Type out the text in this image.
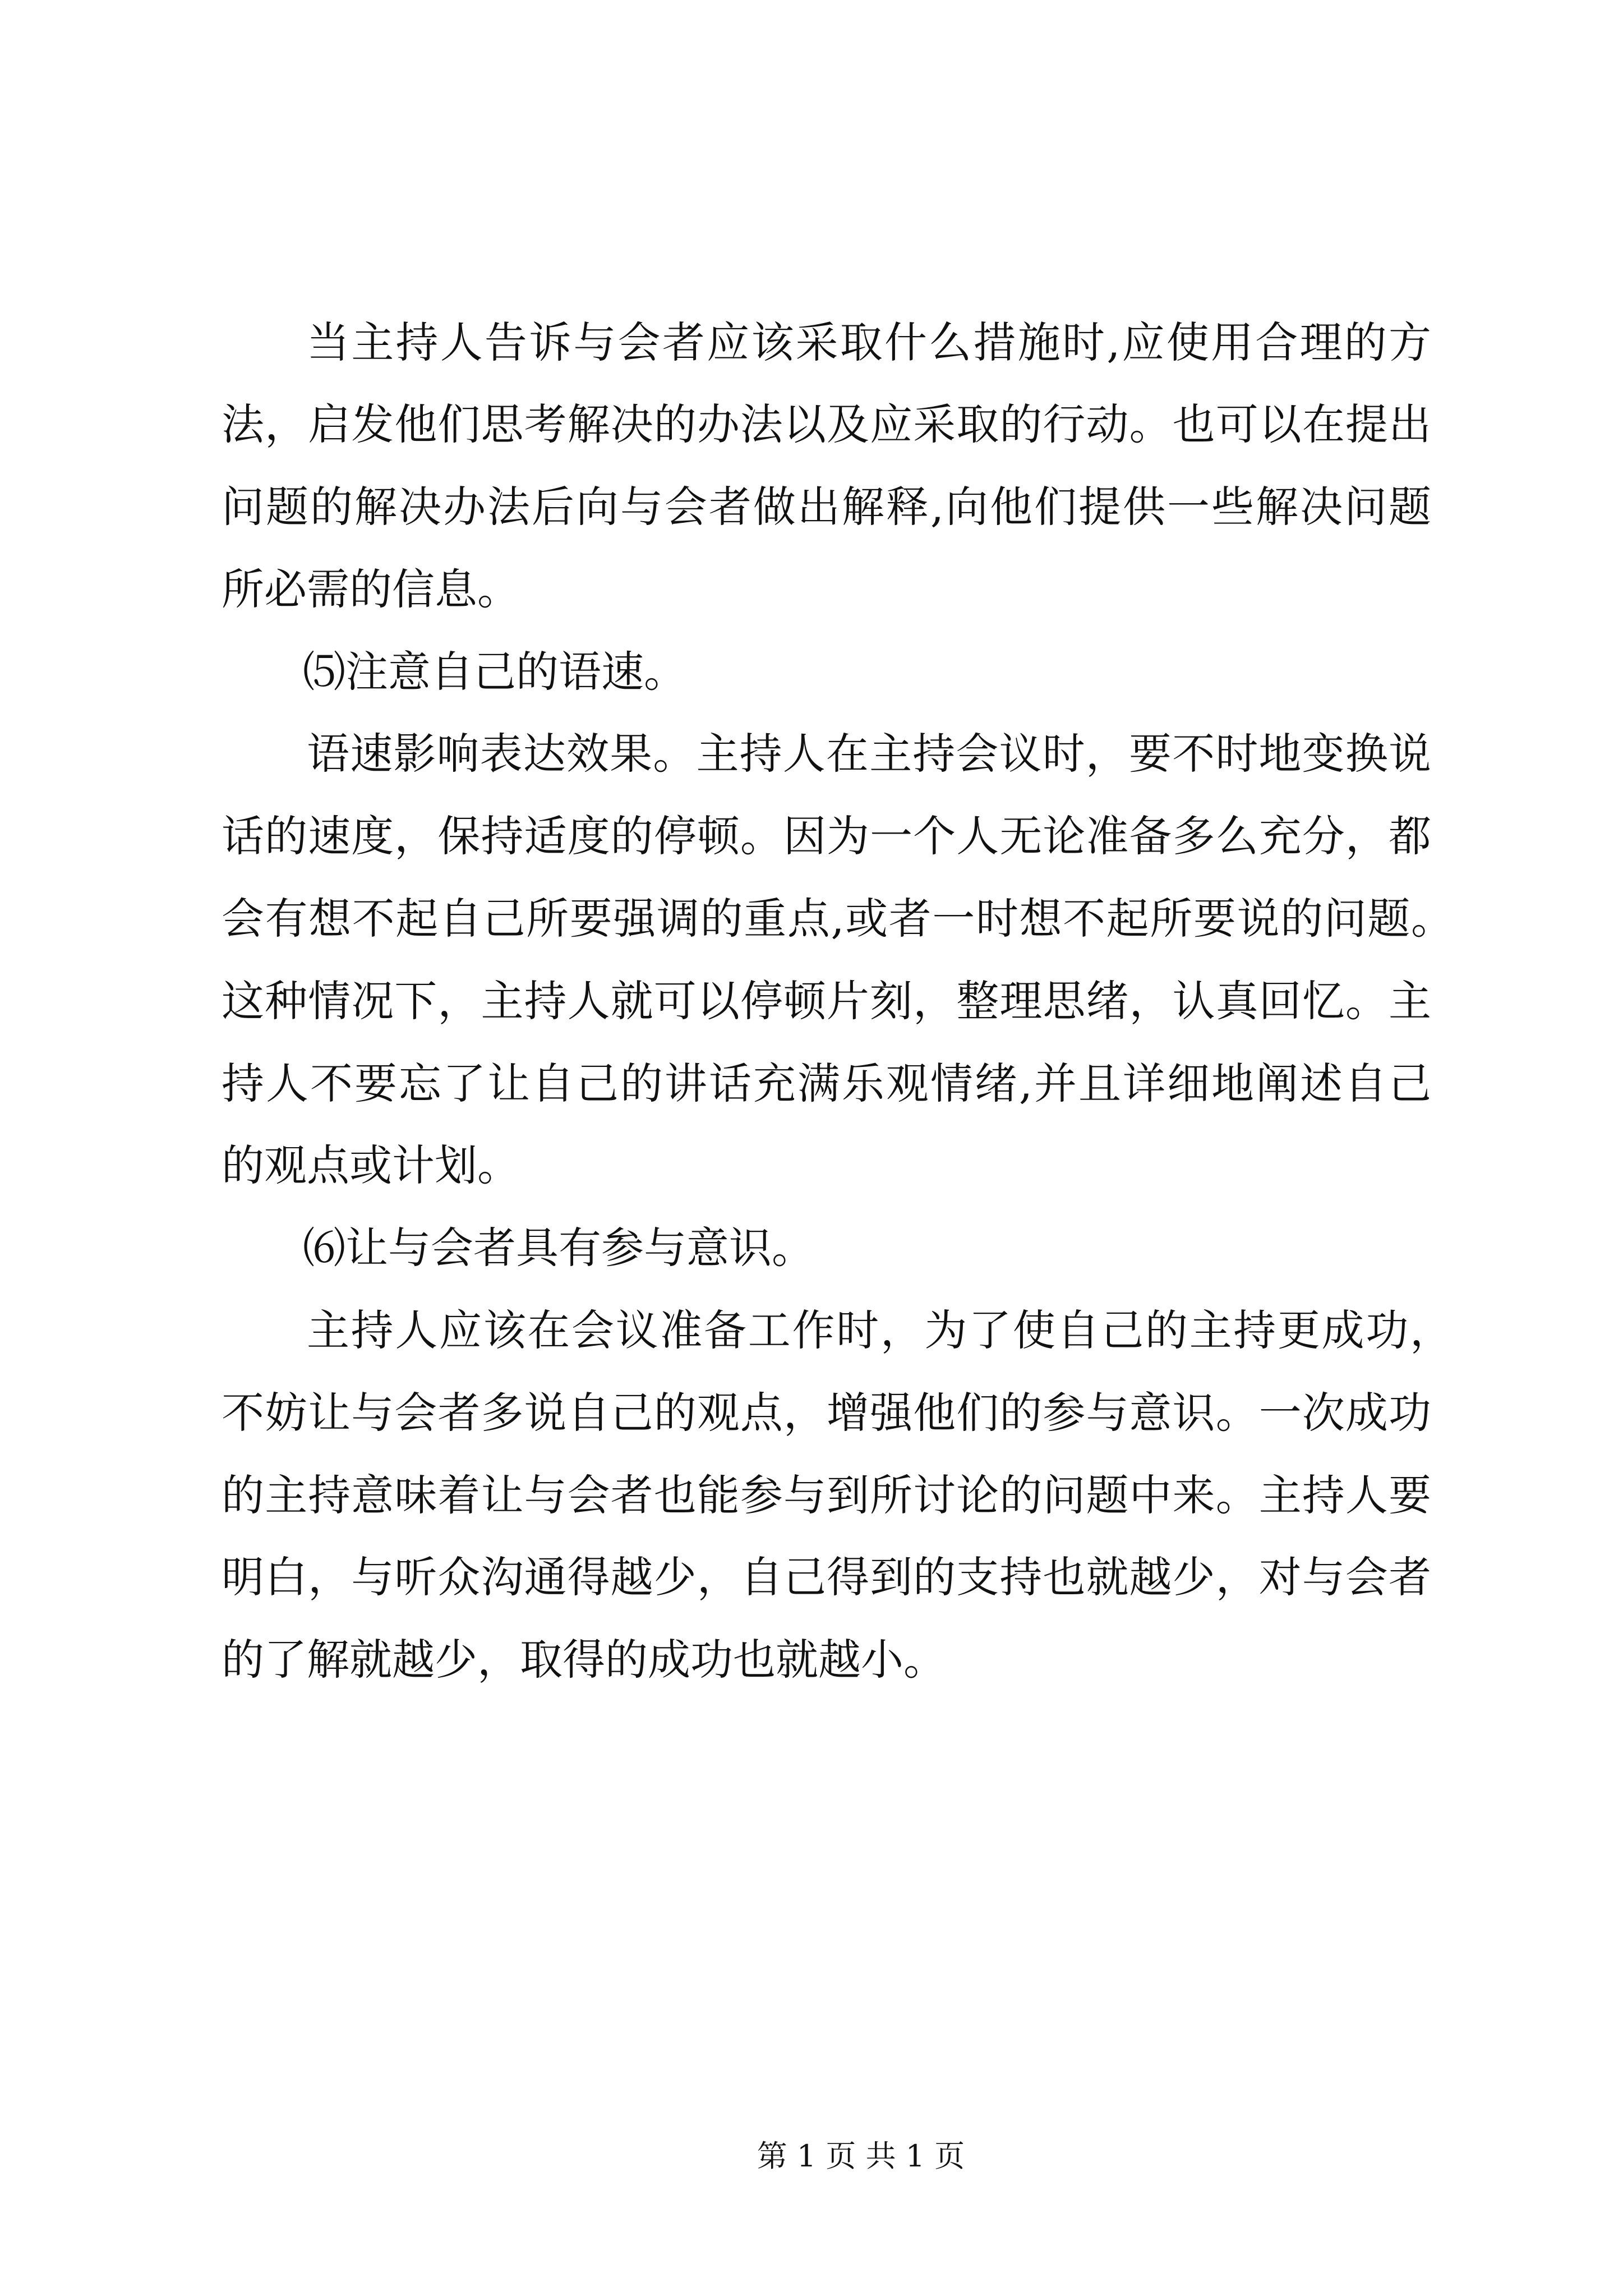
当主持人告诉与会者应该采取什么措施时,应使用合理的方
法，启发他们思考解决的办法以及应采取的行动。也可以在提出
问题的解决办法后向与会者做出解释,向他们提供一些解决问题
所必需的信息。
⑸注意自己的语速。
语速影响表达效果。主持人在主持会议时，要不时地变换说
话的速度，保持适度的停顿。因为一个人无论准备多么充分，都
会有想不起自己所要强调的重点,或者一时想不起所要说的问题。
这种情况下，主持人就可以停顿片刻，整理思绪，认真回忆。主
持人不要忘了让自己的讲话充满乐观情绪,并且详细地阐述自己
的观点或计划。
⑹让与会者具有参与意识。
主持人应该在会议准备工作时，为了使自己的主持更成功，
不妨让与会者多说自己的观点，增强他们的参与意识。一次成功
的主持意味着让与会者也能参与到所讨论的问题中来。主持人要
明白，与听众沟通得越少，自己得到的支持也就越少，对与会者
的了解就越少，取得的成功也就越小。
第 1 页 共 1 页
